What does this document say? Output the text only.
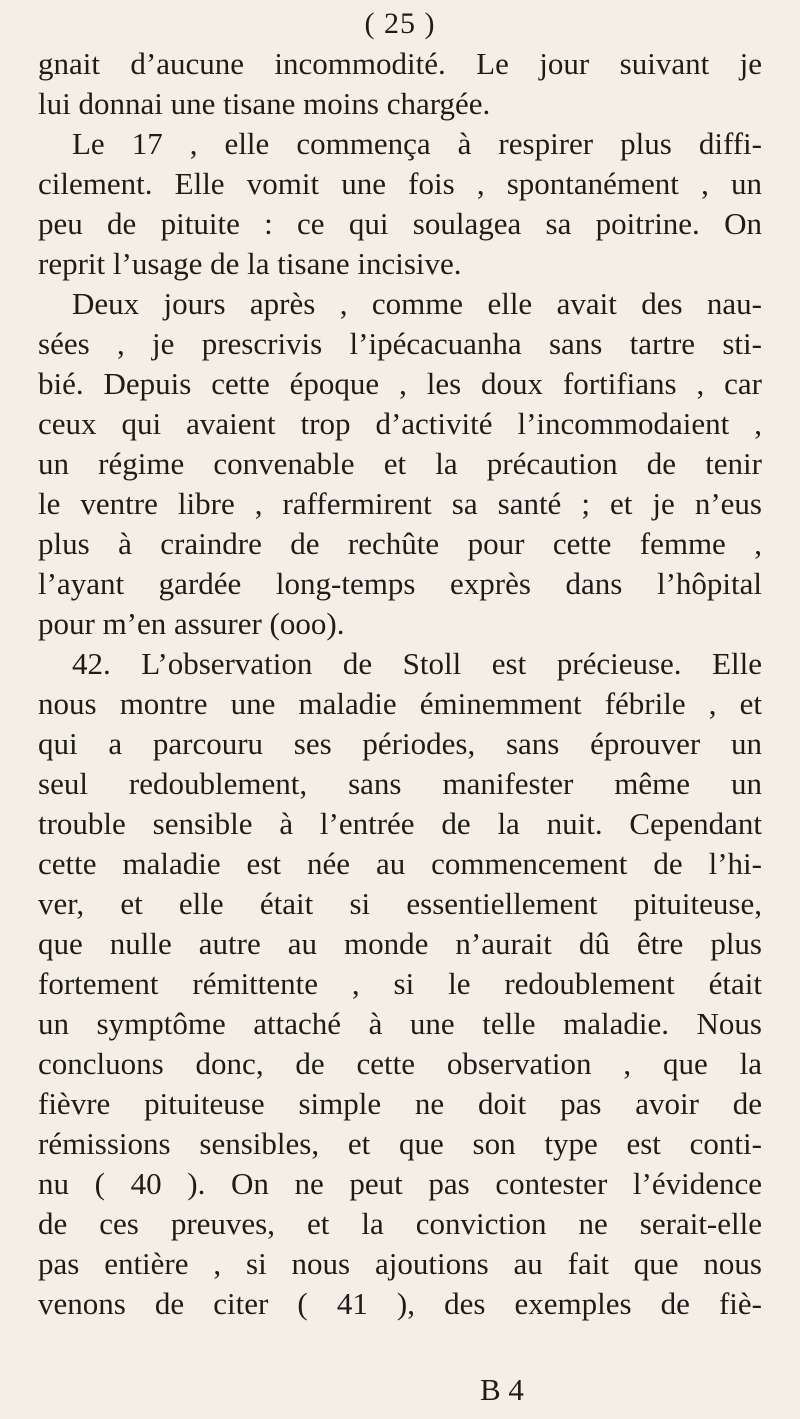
( 25 )
gnait d’aucune incommodité. Le jour suivant je
lui donnai une tisane moins chargée.
Le 17 , elle commença à respirer plus diffi-
cilement. Elle vomit une fois , spontanément , un
peu de pituite : ce qui soulagea sa poitrine. On
reprit l’usage de la tisane incisive.
Deux jours après , comme elle avait des nau-
sées , je prescrivis l’ipécacuanha sans tartre sti-
bié. Depuis cette époque , les doux fortifians , car
ceux qui avaient trop d’activité l’incommodaient ,
un régime convenable et la précaution de tenir
le ventre libre , raffermirent sa santé ; et je n’eus
plus à craindre de rechûte pour cette femme ,
l’ayant gardée long-temps exprès dans l’hôpital
pour m’en assurer (ooo).
42. L’observation de Stoll est précieuse. Elle
nous montre une maladie éminemment fébrile , et
qui a parcouru ses périodes, sans éprouver un
seul redoublement, sans manifester même un
trouble sensible à l’entrée de la nuit. Cependant
cette maladie est née au commencement de l’hi-
ver, et elle était si essentiellement pituiteuse,
que nulle autre au monde n’aurait dû être plus
fortement rémittente , si le redoublement était
un symptôme attaché à une telle maladie. Nous
concluons donc, de cette observation , que la
fièvre pituiteuse simple ne doit pas avoir de
rémissions sensibles, et que son type est conti-
nu ( 40 ). On ne peut pas contester l’évidence
de ces preuves, et la conviction ne serait-elle
pas entière , si nous ajoutions au fait que nous
venons de citer ( 41 ), des exemples de fiè-
B 4
